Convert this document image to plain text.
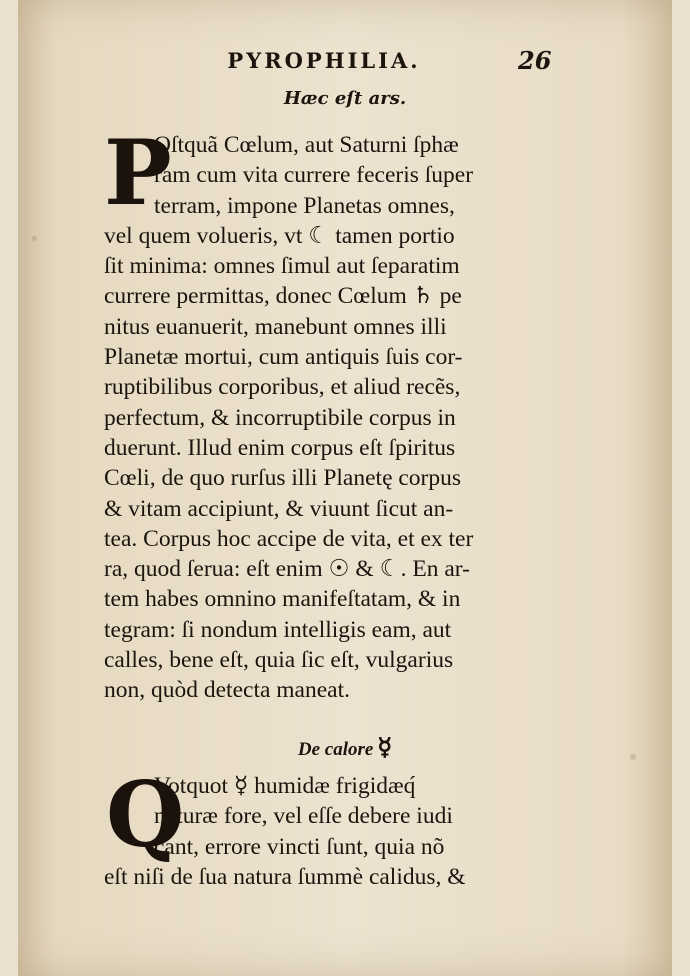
PYROPHILIA.	26
Hæc eſt ars.
P
Oſtquã Cœlum, aut Saturni ſphæ
ram cum vita currere feceris ſuper
terram, impone Planetas omnes,
vel quem volueris, vt ☾ tamen portio
ſit minima: omnes ſimul aut ſeparatim
currere permittas, donec Cœlum ♄ pe
nitus euanuerit, manebunt omnes illi
Planetæ mortui, cum antiquis ſuis cor-
ruptibilibus corporibus, et aliud recẽs,
perfectum, & incorruptibile corpus in
duerunt. Illud enim corpus eſt ſpiritus
Cœli, de quo rurſus illi Planetę corpus
& vitam accipiunt, & viuunt ſicut an-
tea. Corpus hoc accipe de vita, et ex ter
ra, quod ſerua: eſt enim ☉ & ☾. En ar-
tem habes omnino manifeſtatam, & in
tegram: ſi nondum intelligis eam, aut
calles, bene eſt, quia ſic eſt, vulgarius
non, quòd detecta maneat.
De calore ☿
Q
Votquot ☿ humidæ frigidæq́
naturæ fore, vel eſſe debere iudi
cant, errore vincti ſunt, quia nõ
eſt niſi de ſua natura ſummè calidus, &
